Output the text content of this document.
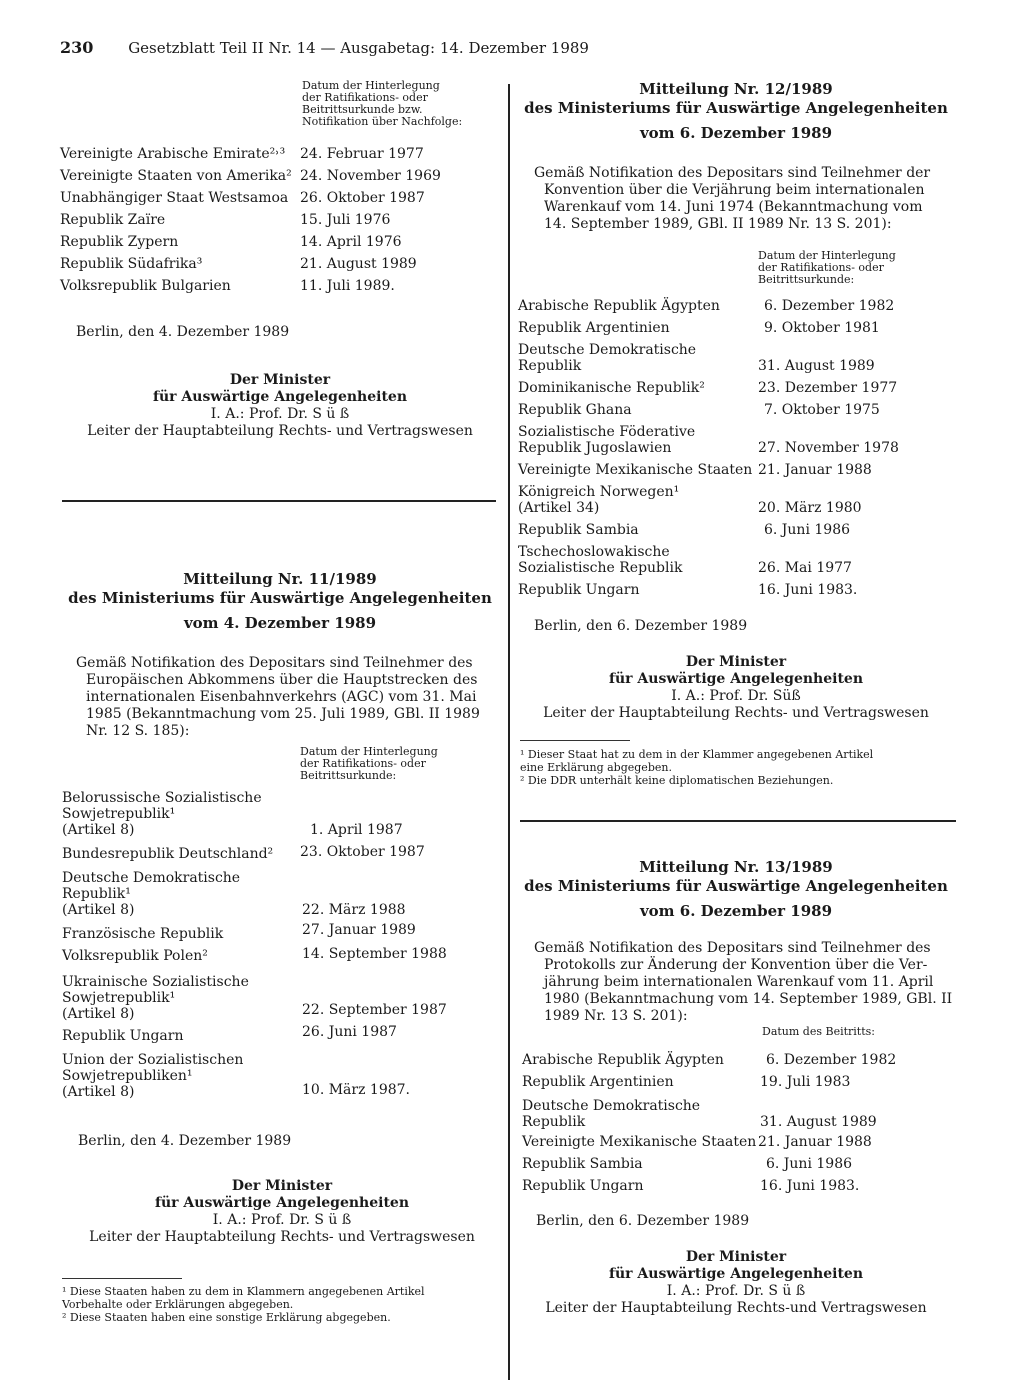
230 Gesetzblatt Teil II Nr. 14 — Ausgabetag: 14. Dezember 1989
Datum der Hinterlegung
der Ratifikations- oder
Beitrittsurkunde bzw.
Notifikation über Nachfolge:
Vereinigte Arabische Emirate²˒³ 24. Februar 1977
Vereinigte Staaten von Amerika² 24. November 1969
Unabhängiger Staat Westsamoa 26. Oktober 1987
Republik Zaïre	15. Juli 1976
Republik Zypern	14. April 1976
Republik Südafrika³	21. August 1989
Volksrepublik Bulgarien	11. Juli 1989.
Berlin, den 4. Dezember 1989
Der Minister
für Auswärtige Angelegenheiten
I. A.: Prof. Dr. S ü ß
Leiter der Hauptabteilung Rechts- und Vertragswesen
Mitteilung Nr. 11/1989
des Ministeriums für Auswärtige Angelegenheiten
vom 4. Dezember 1989
Gemäß Notifikation des Depositars sind Teilnehmer des
Europäischen Abkommens über die Hauptstrecken des
internationalen Eisenbahnverkehrs (AGC) vom 31. Mai
1985 (Bekanntmachung vom 25. Juli 1989, GBl. II 1989
Nr. 12 S. 185):
Datum der Hinterlegung
der Ratifikations- oder
Beitrittsurkunde:
Belorussische Sozialistische
Sowjetrepublik¹
(Artikel 8)	1. April 1987
Bundesrepublik Deutschland² 23. Oktober 1987
Deutsche Demokratische
Republik¹
(Artikel 8)	22. März 1988
Französische Republik	27. Januar 1989
Volksrepublik Polen²	14. September 1988
Ukrainische Sozialistische
Sowjetrepublik¹
(Artikel 8)	22. September 1987
Republik Ungarn	26. Juni 1987
Union der Sozialistischen
Sowjetrepubliken¹
(Artikel 8)	10. März 1987.
Berlin, den 4. Dezember 1989
Der Minister
für Auswärtige Angelegenheiten
I. A.: Prof. Dr. S ü ß
Leiter der Hauptabteilung Rechts- und Vertragswesen
¹ Diese Staaten haben zu dem in Klammern angegebenen Artikel
Vorbehalte oder Erklärungen abgegeben.
² Diese Staaten haben eine sonstige Erklärung abgegeben.
Mitteilung Nr. 12/1989
des Ministeriums für Auswärtige Angelegenheiten
vom 6. Dezember 1989
Gemäß Notifikation des Depositars sind Teilnehmer der
Konvention über die Verjährung beim internationalen
Warenkauf vom 14. Juni 1974 (Bekanntmachung vom
14. September 1989, GBl. II 1989 Nr. 13 S. 201):
Datum der Hinterlegung
der Ratifikations- oder
Beitrittsurkunde:
Arabische Republik Ägypten	6. Dezember 1982
Republik Argentinien	9. Oktober 1981
Deutsche Demokratische
Republik	31. August 1989
Dominikanische Republik²	23. Dezember 1977
Republik Ghana	7. Oktober 1975
Sozialistische Föderative
Republik Jugoslawien	27. November 1978
Vereinigte Mexikanische Staaten 21. Januar 1988
Königreich Norwegen¹
(Artikel 34)	20. März 1980
Republik Sambia	6. Juni 1986
Tschechoslowakische
Sozialistische Republik	26. Mai 1977
Republik Ungarn	16. Juni 1983.
Berlin, den 6. Dezember 1989
Der Minister
für Auswärtige Angelegenheiten
I. A.: Prof. Dr. Süß
Leiter der Hauptabteilung Rechts- und Vertragswesen
¹ Dieser Staat hat zu dem in der Klammer angegebenen Artikel
eine Erklärung abgegeben.
² Die DDR unterhält keine diplomatischen Beziehungen.
Mitteilung Nr. 13/1989
des Ministeriums für Auswärtige Angelegenheiten
vom 6. Dezember 1989
Gemäß Notifikation des Depositars sind Teilnehmer des
Protokolls zur Änderung der Konvention über die Ver-
jährung beim internationalen Warenkauf vom 11. April
1980 (Bekanntmachung vom 14. September 1989, GBl. II
1989 Nr. 13 S. 201):
Datum des Beitritts:
Arabische Republik Ägypten	6. Dezember 1982
Republik Argentinien	19. Juli 1983
Deutsche Demokratische
Republik	31. August 1989
Vereinigte Mexikanische Staaten 21. Januar 1988
Republik Sambia	6. Juni 1986
Republik Ungarn	16. Juni 1983.
Berlin, den 6. Dezember 1989
Der Minister
für Auswärtige Angelegenheiten
I. A.: Prof. Dr. S ü ß
Leiter der Hauptabteilung Rechts-und Vertragswesen
